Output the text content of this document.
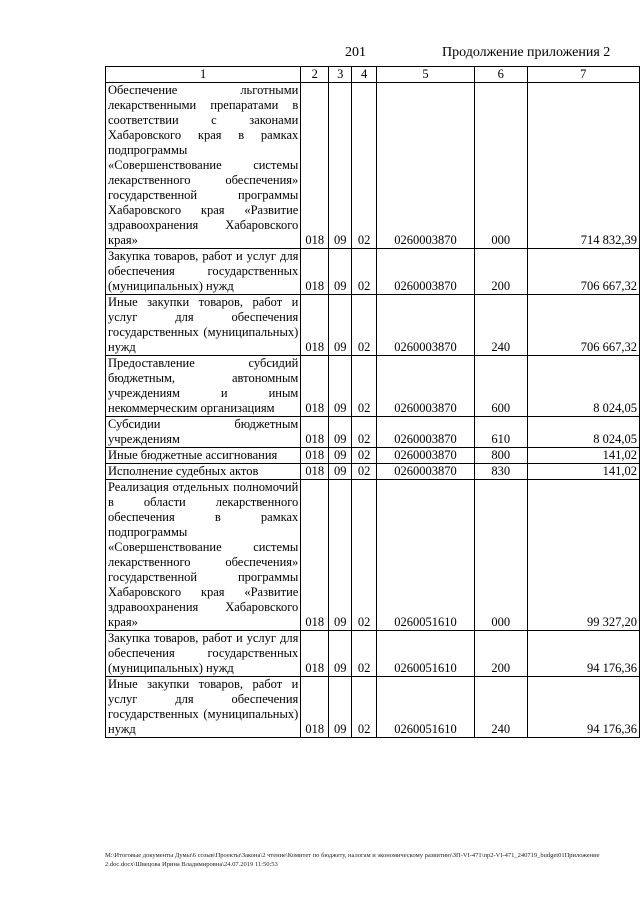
201	Продолжение приложения 2
1	2	3	4	5	6	7
Обеспечение льготными лекарственными препаратами в соответствии с законами Хабаровского края в рамках подпрограммы «Совершенствование системы лекарственного обеспечения» государственной программы Хабаровского края «Развитие здравоохранения Хабаровского края»	018	09	02	0260003870	000	714 832,39
Закупка товаров, работ и услуг для обеспечения государственных (муниципальных) нужд	018	09	02	0260003870	200	706 667,32
Иные закупки товаров, работ и услуг для обеспечения государственных (муниципальных) нужд	018	09	02	0260003870	240	706 667,32
Предоставление субсидий бюджетным, автономным учреждениям и иным некоммерческим организациям	018	09	02	0260003870	600	8 024,05
Субсидии бюджетным учреждениям	018	09	02	0260003870	610	8 024,05
Иные бюджетные ассигнования	018	09	02	0260003870	800	141,02
Исполнение судебных актов	018	09	02	0260003870	830	141,02
Реализация отдельных полномочий в области лекарственного обеспечения в рамках подпрограммы «Совершенствование системы лекарственного обеспечения» государственной программы Хабаровского края «Развитие здравоохранения Хабаровского края»	018	09	02	0260051610	000	99 327,20
Закупка товаров, работ и услуг для обеспечения государственных (муниципальных) нужд	018	09	02	0260051610	200	94 176,36
Иные закупки товаров, работ и услуг для обеспечения государственных (муниципальных) нужд	018	09	02	0260051610	240	94 176,36
М:\Итоговые документы Думы\6 созыв\Проекты\Закона\2 чтение\Комитет по бюджету, налогам и экономическому развитию\ЗП-VI-471\пр2-VI-471_240719_budget01Приложение 2.doc.docx\Швецова Ирина Владимировна\24.07.2019 11:50:53
